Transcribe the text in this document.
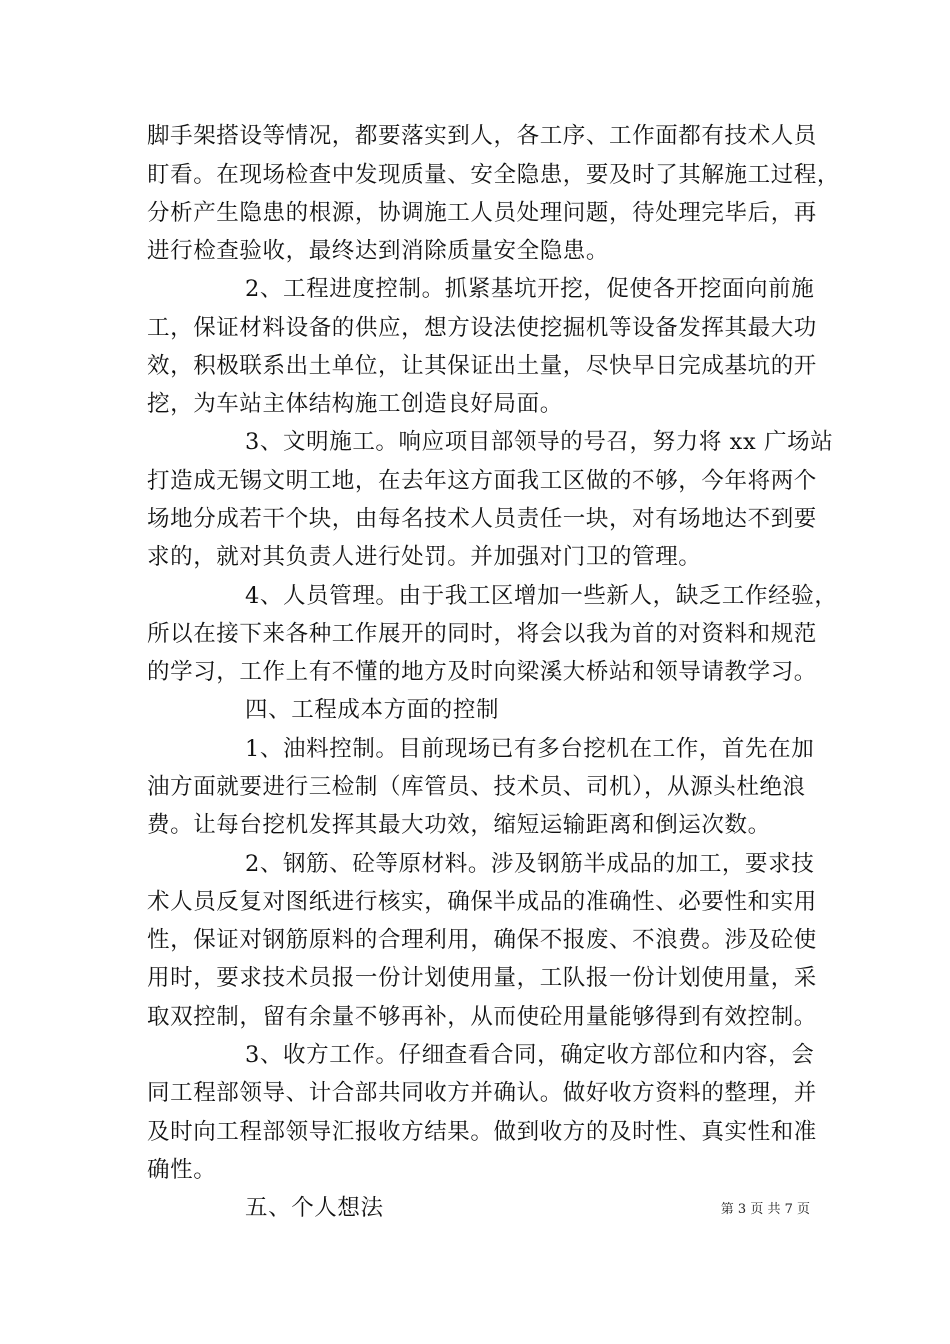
脚手架搭设等情况，都要落实到人，各工序、工作面都有技术人员
盯看。在现场检查中发现质量、安全隐患，要及时了其解施工过程，
分析产生隐患的根源，协调施工人员处理问题，待处理完毕后，再
进行检查验收，最终达到消除质量安全隐患。
2、工程进度控制。抓紧基坑开挖，促使各开挖面向前施
工，保证材料设备的供应，想方设法使挖掘机等设备发挥其最大功
效，积极联系出土单位，让其保证出土量，尽快早日完成基坑的开
挖，为车站主体结构施工创造良好局面。
3、文明施工。响应项目部领导的号召，努力将 xx 广场站
打造成无锡文明工地，在去年这方面我工区做的不够，今年将两个
场地分成若干个块，由每名技术人员责任一块，对有场地达不到要
求的，就对其负责人进行处罚。并加强对门卫的管理。
4、人员管理。由于我工区增加一些新人，缺乏工作经验，
所以在接下来各种工作展开的同时，将会以我为首的对资料和规范
的学习，工作上有不懂的地方及时向梁溪大桥站和领导请教学习。
四、工程成本方面的控制
1、油料控制。目前现场已有多台挖机在工作，首先在加
油方面就要进行三检制（库管员、技术员、司机），从源头杜绝浪
费。让每台挖机发挥其最大功效，缩短运输距离和倒运次数。
2、钢筋、砼等原材料。涉及钢筋半成品的加工，要求技
术人员反复对图纸进行核实，确保半成品的准确性、必要性和实用
性，保证对钢筋原料的合理利用，确保不报废、不浪费。涉及砼使
用时，要求技术员报一份计划使用量，工队报一份计划使用量，采
取双控制，留有余量不够再补，从而使砼用量能够得到有效控制。
3、收方工作。仔细查看合同，确定收方部位和内容，会
同工程部领导、计合部共同收方并确认。做好收方资料的整理，并
及时向工程部领导汇报收方结果。做到收方的及时性、真实性和准
确性。
五、个人想法	第 3 页 共 7 页
